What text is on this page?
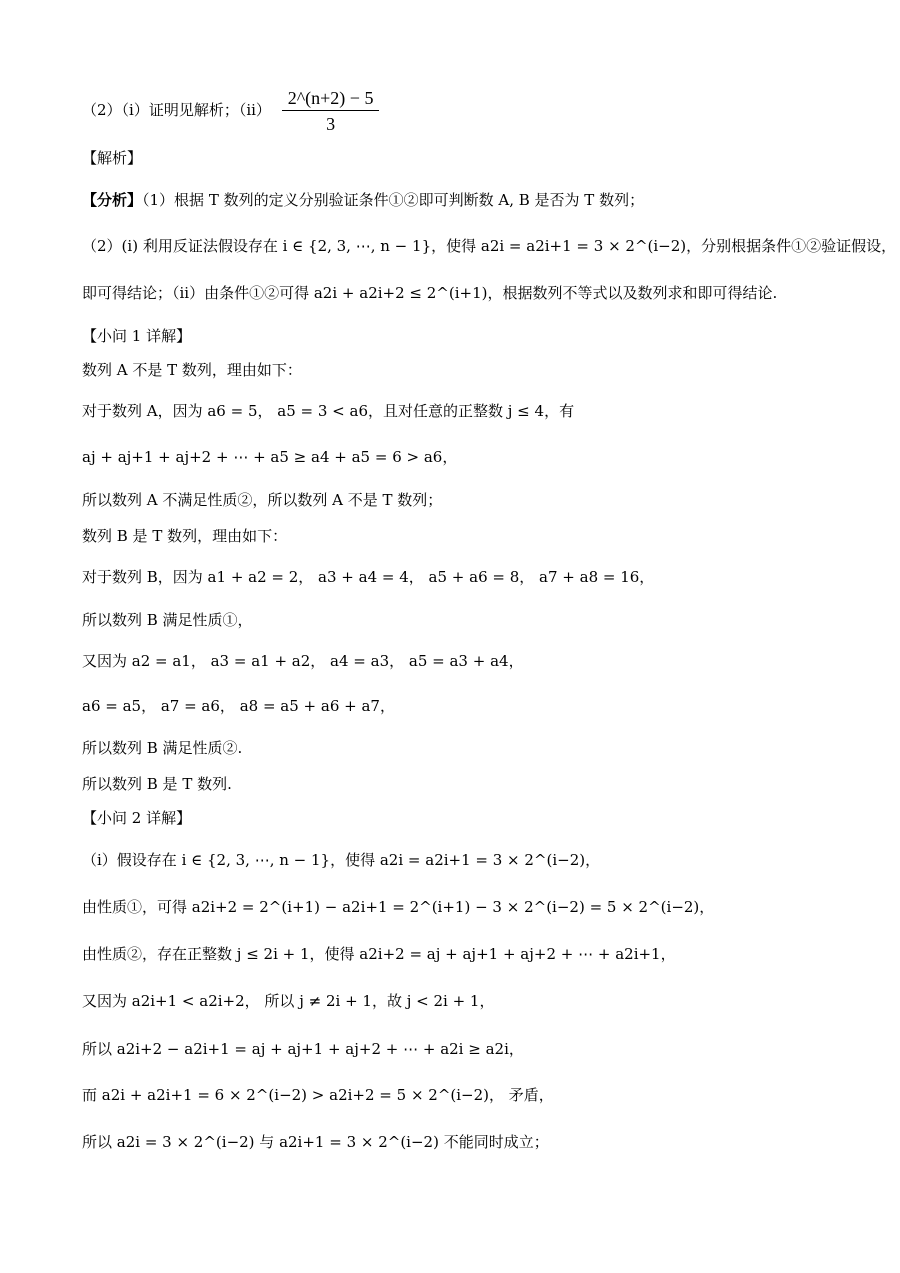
（2）（i）证明见解析；$(ii) \frac{2\^{}(n+2) - 5}{3}$
【解析】
【分析】（1）根据 T 数列的定义分别验证条件①②即可判断数 A, B 是否为 T 数列；
（2）(i) 利用反证法假设存在 i ∈ {2, 3, ⋯, n − 1}，使得 a2i = a2i+1 = 3 × 2^(i−2)，分别根据条件①②验证假设，
即可得结论；（ii）由条件①②可得 a2i + a2i+2 ≤ 2^(i+1)，根据数列不等式以及数列求和即可得结论.
【小问 1 详解】
数列 A 不是 T 数列，理由如下：
对于数列 A，因为 a6 = 5， a5 = 3 < a6，且对任意的正整数 j ≤ 4，有
aj + aj+1 + aj+2 + ⋯ + a5 ≥ a4 + a5 = 6 > a6，
所以数列 A 不满足性质②，所以数列 A 不是 T 数列；
数列 B 是 T 数列，理由如下：
对于数列 B，因为 a1 + a2 = 2， a3 + a4 = 4， a5 + a6 = 8， a7 + a8 = 16，
所以数列 B 满足性质①，
又因为 a2 = a1， a3 = a1 + a2， a4 = a3， a5 = a3 + a4，
a6 = a5， a7 = a6， a8 = a5 + a6 + a7，
所以数列 B 满足性质②.
所以数列 B 是 T 数列.
【小问 2 详解】
（i）假设存在 i ∈ {2, 3, ⋯, n − 1}，使得 a2i = a2i+1 = 3 × 2^(i−2)，
由性质①，可得 a2i+2 = 2^(i+1) − a2i+1 = 2^(i+1) − 3 × 2^(i−2) = 5 × 2^(i−2)，
由性质②，存在正整数 j ≤ 2i + 1，使得 a2i+2 = aj + aj+1 + aj+2 + ⋯ + a2i+1，
又因为 a2i+1 < a2i+2， 所以 j ≠ 2i + 1，故 j < 2i + 1，
所以 a2i+2 − a2i+1 = aj + aj+1 + aj+2 + ⋯ + a2i ≥ a2i，
而 a2i + a2i+1 = 6 × 2^(i−2) > a2i+2 = 5 × 2^(i−2)， 矛盾，
所以 a2i = 3 × 2^(i−2) 与 a2i+1 = 3 × 2^(i−2) 不能同时成立；
